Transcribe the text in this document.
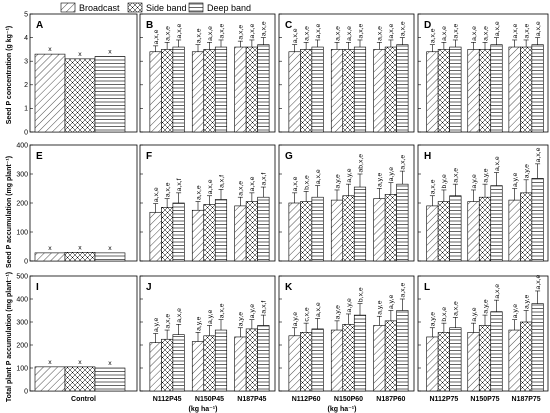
Broadcast	Side band Deep band
Seed P concentration (g kg⁻¹)
Seed P accumulation (mg plant⁻¹)
Total plant P accumulation (mg plant⁻¹)
0
1
2
3
4
5
0
100
200
300
400
0
100
200
300
400
500
A
x
x	x
B
a,x,e a,x,e a,x,e a,x,e a,x,e a,x,e a,x,e a,x,e a,x,e C
a,x,e a,x,e a,x,e a,x,e a,x,e a,x,e a,x,e a,x,e a,x,e D
a,x,e a,x,e a,x,e a,x,e a,x,e a,x,e a,x,e a,x,e a,x,e
E
x	x	x
F
a,x,e a,x,e a,x,f
a,x,e a,x,e a,x,f a,x,e a,x,e a,x,f
G
a,x,e b,x,e a,x,e a,y,e a,y,e
ab,x,e
a,y,e a,y,e
a,x,e H
a,x,e b,y,e a,x,e a,y,e a,y,e
a,x,e
a,y,e
a,y,e
a,x,e
I
x	x	x
J
a,y,e a,x,e a,x,e
a,y,e a,y,e a,x,e
a,y,e
a,y,e a,x,f
K
a,y,e c,x,e a,x,e a,y,e a,y,e
b,x,e
a,y,e a,y,e
a,x,e L
a,y,e b,x,e a,x,e a,y,e
a,y,e
a,x,e
a,y,e
a,y,e
a,x,e
Control	N112P45 N150P45 N187P45	N112P60 N150P60 N187P60	N112P75 N150P75 N187P75
(kg ha⁻¹)	(kg ha⁻¹)
